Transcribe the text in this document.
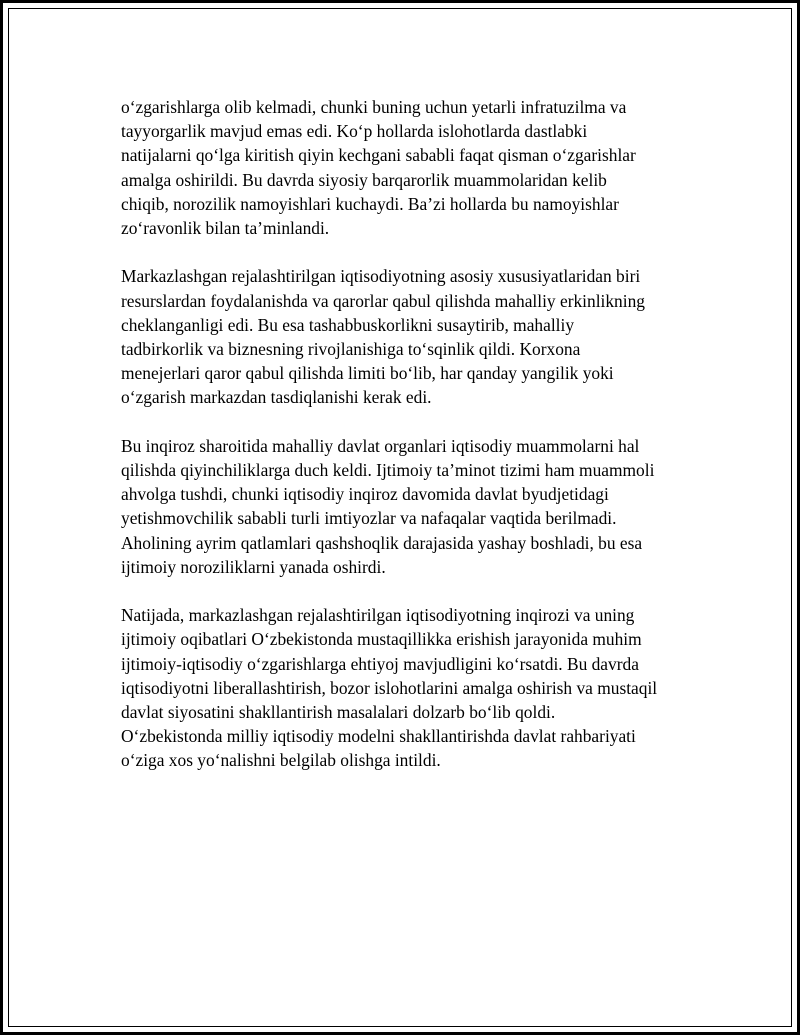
o‘zgarishlarga olib kelmadi, chunki buning uchun yetarli infratuzilma va
tayyorgarlik mavjud emas edi. Ko‘p hollarda islohotlarda dastlabki
natijalarni qo‘lga kiritish qiyin kechgani sababli faqat qisman o‘zgarishlar
amalga oshirildi. Bu davrda siyosiy barqarorlik muammolaridan kelib
chiqib, norozilik namoyishlari kuchaydi. Ba’zi hollarda bu namoyishlar
zo‘ravonlik bilan ta’minlandi.

Markazlashgan rejalashtirilgan iqtisodiyotning asosiy xususiyatlaridan biri
resurslardan foydalanishda va qarorlar qabul qilishda mahalliy erkinlikning
cheklanganligi edi. Bu esa tashabbuskorlikni susaytirib, mahalliy
tadbirkorlik va biznesning rivojlanishiga to‘sqinlik qildi. Korxona
menejerlari qaror qabul qilishda limiti bo‘lib, har qanday yangilik yoki
o‘zgarish markazdan tasdiqlanishi kerak edi.

Bu inqiroz sharoitida mahalliy davlat organlari iqtisodiy muammolarni hal
qilishda qiyinchiliklarga duch keldi. Ijtimoiy ta’minot tizimi ham muammoli
ahvolga tushdi, chunki iqtisodiy inqiroz davomida davlat byudjetidagi
yetishmovchilik sababli turli imtiyozlar va nafaqalar vaqtida berilmadi.
Aholining ayrim qatlamlari qashshoqlik darajasida yashay boshladi, bu esa
ijtimoiy noroziliklarni yanada oshirdi.

Natijada, markazlashgan rejalashtirilgan iqtisodiyotning inqirozi va uning
ijtimoiy oqibatlari O‘zbekistonda mustaqillikka erishish jarayonida muhim
ijtimoiy-iqtisodiy o‘zgarishlarga ehtiyoj mavjudligini ko‘rsatdi. Bu davrda
iqtisodiyotni liberallashtirish, bozor islohotlarini amalga oshirish va mustaqil
davlat siyosatini shakllantirish masalalari dolzarb bo‘lib qoldi.
O‘zbekistonda milliy iqtisodiy modelni shakllantirishda davlat rahbariyati
o‘ziga xos yo‘nalishni belgilab olishga intildi.
